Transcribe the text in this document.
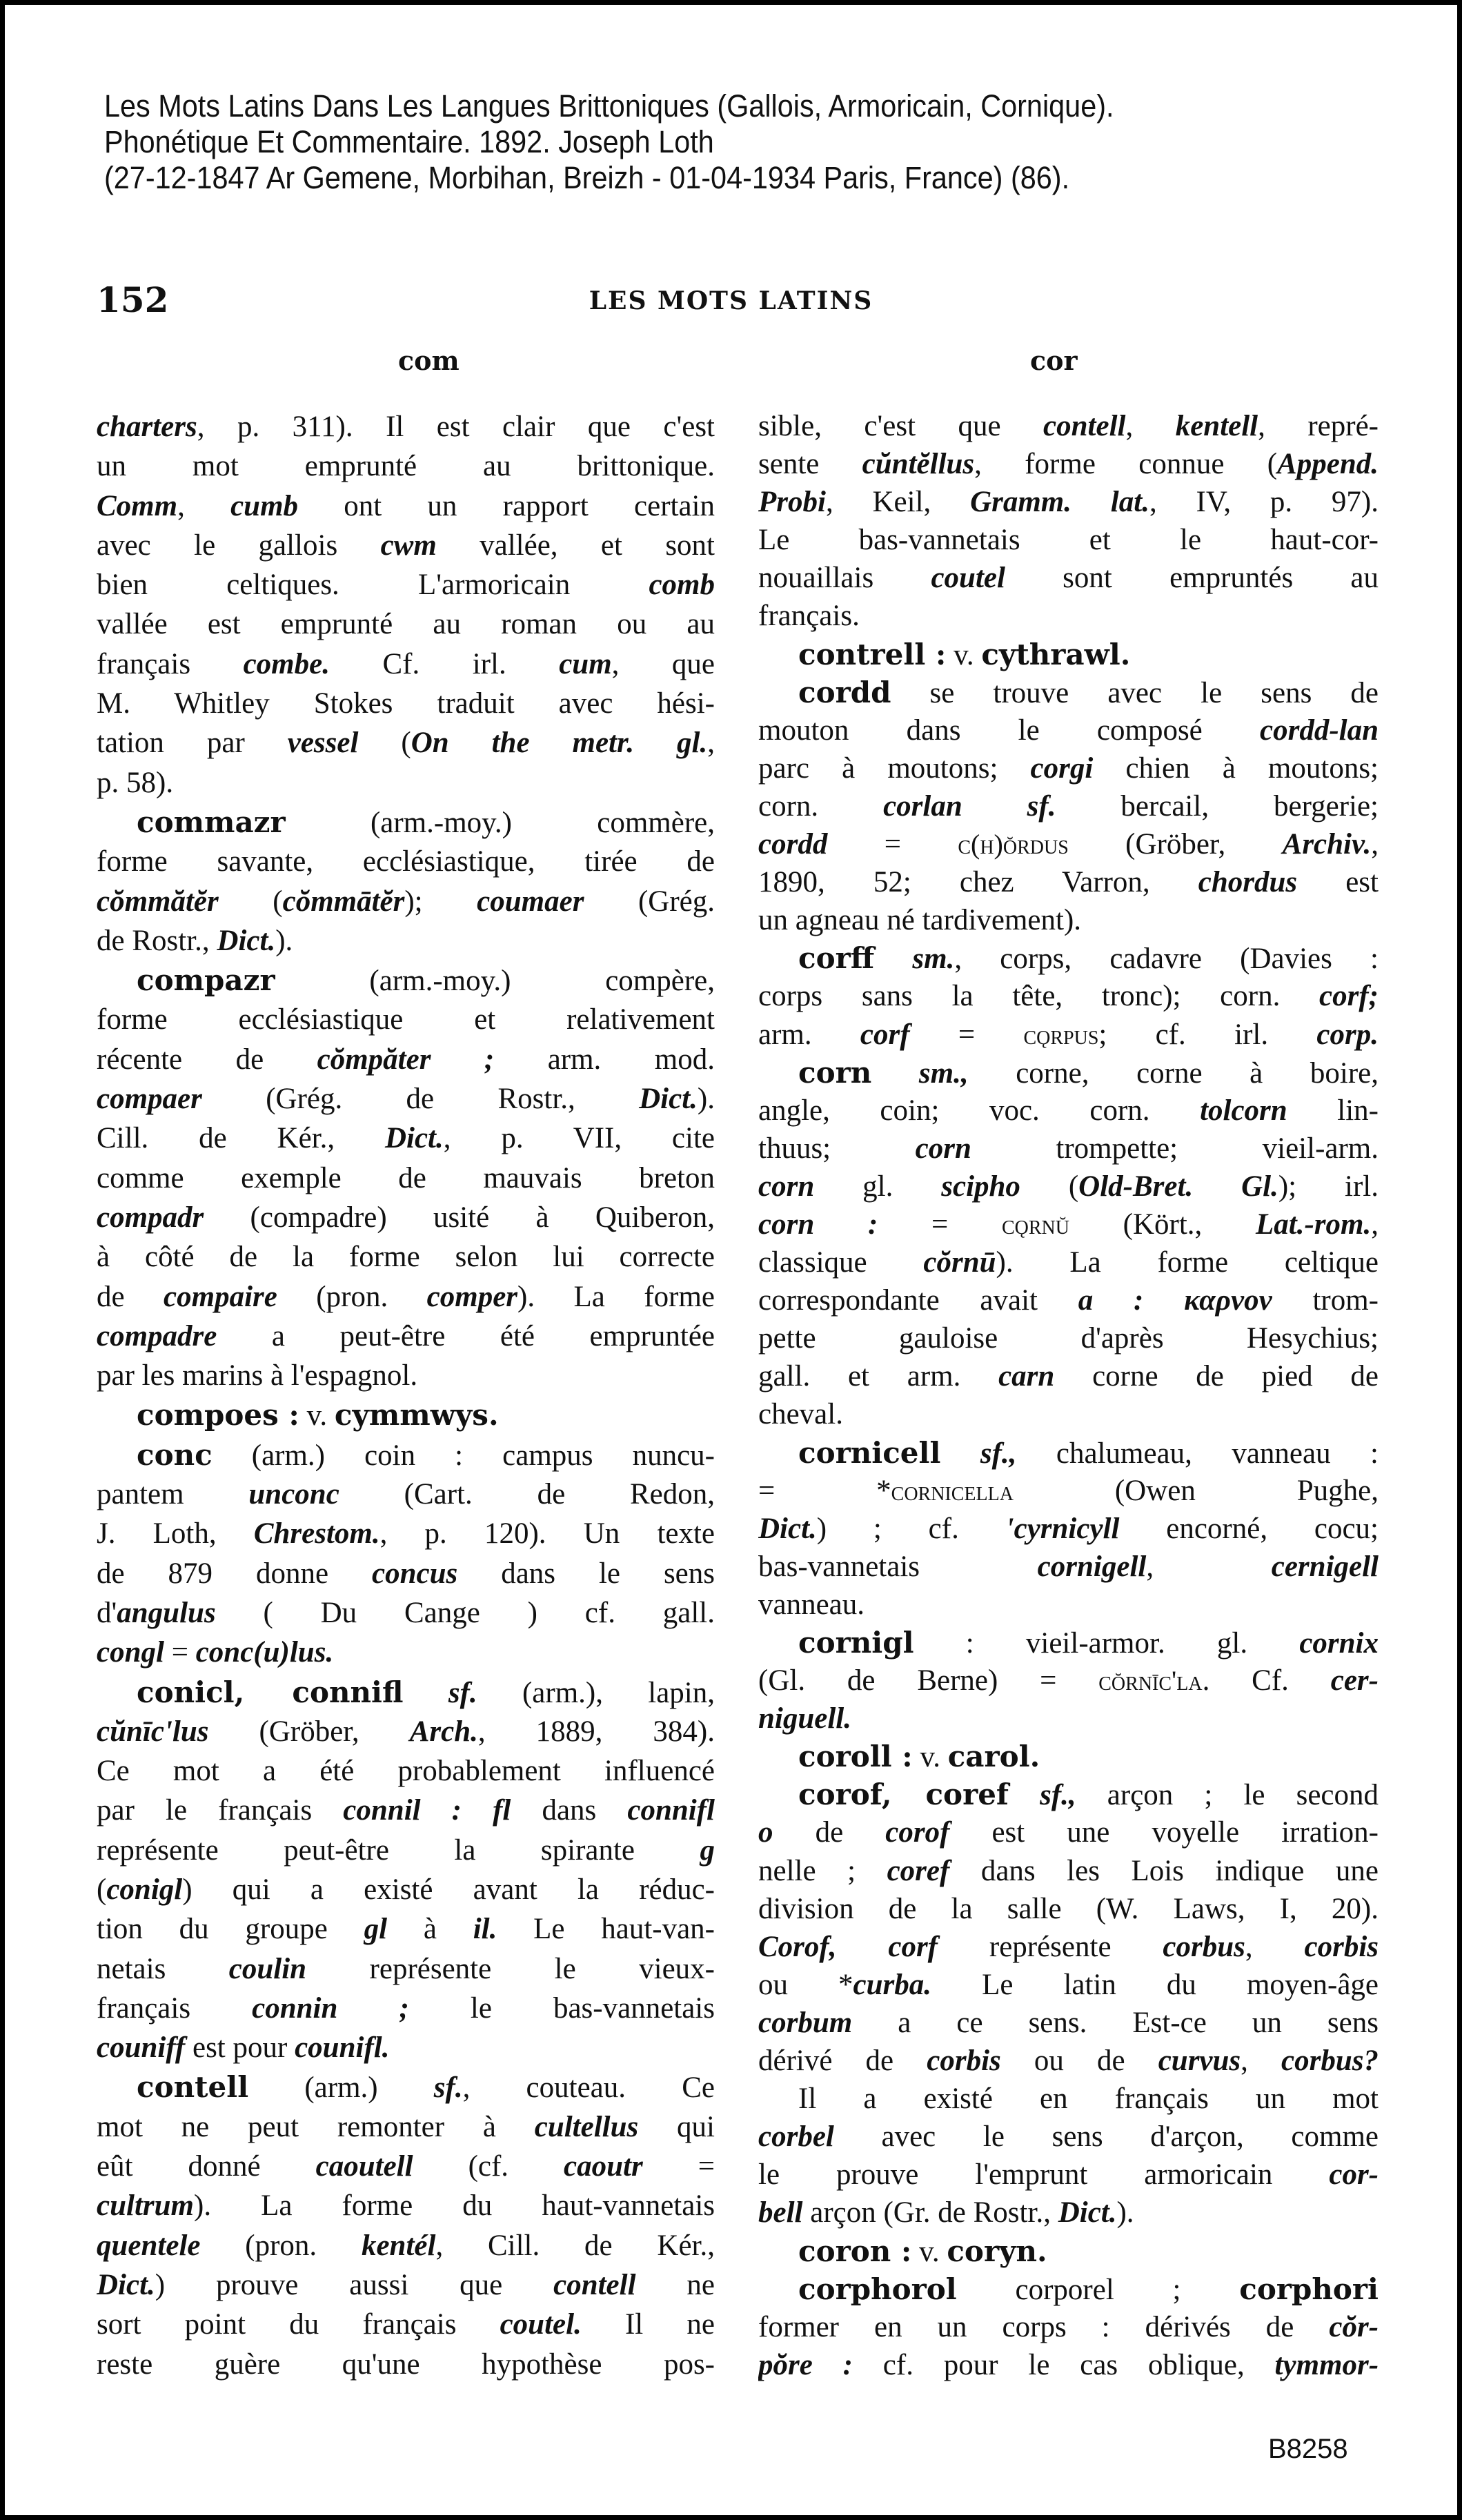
Les Mots Latins Dans Les Langues Brittoniques (Gallois, Armoricain, Cornique).
Phonétique Et Commentaire. 1892. Joseph Loth
(27-12-1847 Ar Gemene, Morbihan, Breizh - 01-04-1934 Paris, France) (86).
152	LES MOTS LATINS
com	cor
charters, p. 311). Il est clair que c'est
un mot emprunté au brittonique.
Comm, cumb ont un rapport certain
avec le gallois cwm vallée, et sont
bien celtiques. L'armoricain comb
vallée est emprunté au roman ou au
français combe. Cf. irl. cum, que
M. Whitley Stokes traduit avec hési-
tation par vessel (On the metr. gl.,
p. 58).
commazr (arm.-moy.) commère,
forme savante, ecclésiastique, tirée de
cŏmmătĕr (cŏmmātĕr); coumaer (Grég.
de Rostr., Dict.).
compazr (arm.-moy.) compère,
forme ecclésiastique et relativement
récente de cŏmpăter ; arm. mod.
compaer (Grég. de Rostr., Dict.).
Cill. de Kér., Dict., p. VII, cite
comme exemple de mauvais breton
compadr (compadre) usité à Quiberon,
à côté de la forme selon lui correcte
de compaire (pron. comper). La forme
compadre a peut-être été empruntée
par les marins à l'espagnol.
compoes : v. cymmwys.
conc (arm.) coin : campus nuncu-
pantem unconc (Cart. de Redon,
J. Loth, Chrestom., p. 120). Un texte
de 879 donne concus dans le sens
d'angulus ( Du Cange ) cf. gall.
congl = conc(u)lus.
conicl, connifl sf. (arm.), lapin,
cŭnīc'lus (Gröber, Arch., 1889, 384).
Ce mot a été probablement influencé
par le français connil : fl dans connifl
représente peut-être la spirante g
(conigl) qui a existé avant la réduc-
tion du groupe gl à il. Le haut-van-
netais coulin représente le vieux-
français connin ; le bas-vannetais
couniff est pour counifl.
contell (arm.) sf., couteau. Ce
mot ne peut remonter à cultellus qui
eût donné caoutell (cf. caoutr =
cultrum). La forme du haut-vannetais
quentele (pron. kentél, Cill. de Kér.,
Dict.) prouve aussi que contell ne
sort point du français coutel. Il ne
reste guère qu'une hypothèse pos-
sible, c'est que contell, kentell, repré-
sente cŭntĕllus, forme connue (Append.
Probi, Keil, Gramm. lat., IV, p. 97).
Le bas-vannetais et le haut-cor-
nouaillais coutel sont empruntés au
français.
contrell : v. cythrawl.
cordd se trouve avec le sens de
mouton dans le composé cordd-lan
parc à moutons; corgi chien à moutons;
corn. corlan sf. bercail, bergerie;
cordd = c(h)ŏrdus (Gröber, Archiv.,
1890, 52; chez Varron, chordus est
un agneau né tardivement).
corff sm., corps, cadavre (Davies :
corps sans la tête, tronc); corn. corf;
arm. corf = cǫrpus; cf. irl. corp.
corn sm., corne, corne à boire,
angle, coin; voc. corn. tolcorn lin-
thuus; corn trompette; vieil-arm.
corn gl. scipho (Old-Bret. Gl.); irl.
corn : = cǫrnŭ (Kört., Lat.-rom.,
classique cŏrnū). La forme celtique
correspondante avait a : καρνον trom-
pette gauloise d'après Hesychius;
gall. et arm. carn corne de pied de
cheval.
cornicell sf., chalumeau, vanneau :
= *cornicella (Owen Pughe,
Dict.) ; cf. 'cyrnicyll encorné, cocu;
bas-vannetais cornigell, cernigell
vanneau.
cornigl : vieil-armor. gl. cornix
(Gl. de Berne) = cŏrnīc'la. Cf. cer-
niguell.
coroll : v. carol.
corof, coref sf., arçon ; le second
o de corof est une voyelle irration-
nelle ; coref dans les Lois indique une
division de la salle (W. Laws, I, 20).
Corof, corf représente corbus, corbis
ou *curba. Le latin du moyen-âge
corbum a ce sens. Est-ce un sens
dérivé de corbis ou de curvus, corbus?
Il a existé en français un mot
corbel avec le sens d'arçon, comme
le prouve l'emprunt armoricain cor-
bell arçon (Gr. de Rostr., Dict.).
coron : v. coryn.
corphorol corporel ; corphori
former en un corps : dérivés de cŏr-
pŏre : cf. pour le cas oblique, tymmor-
B8258
